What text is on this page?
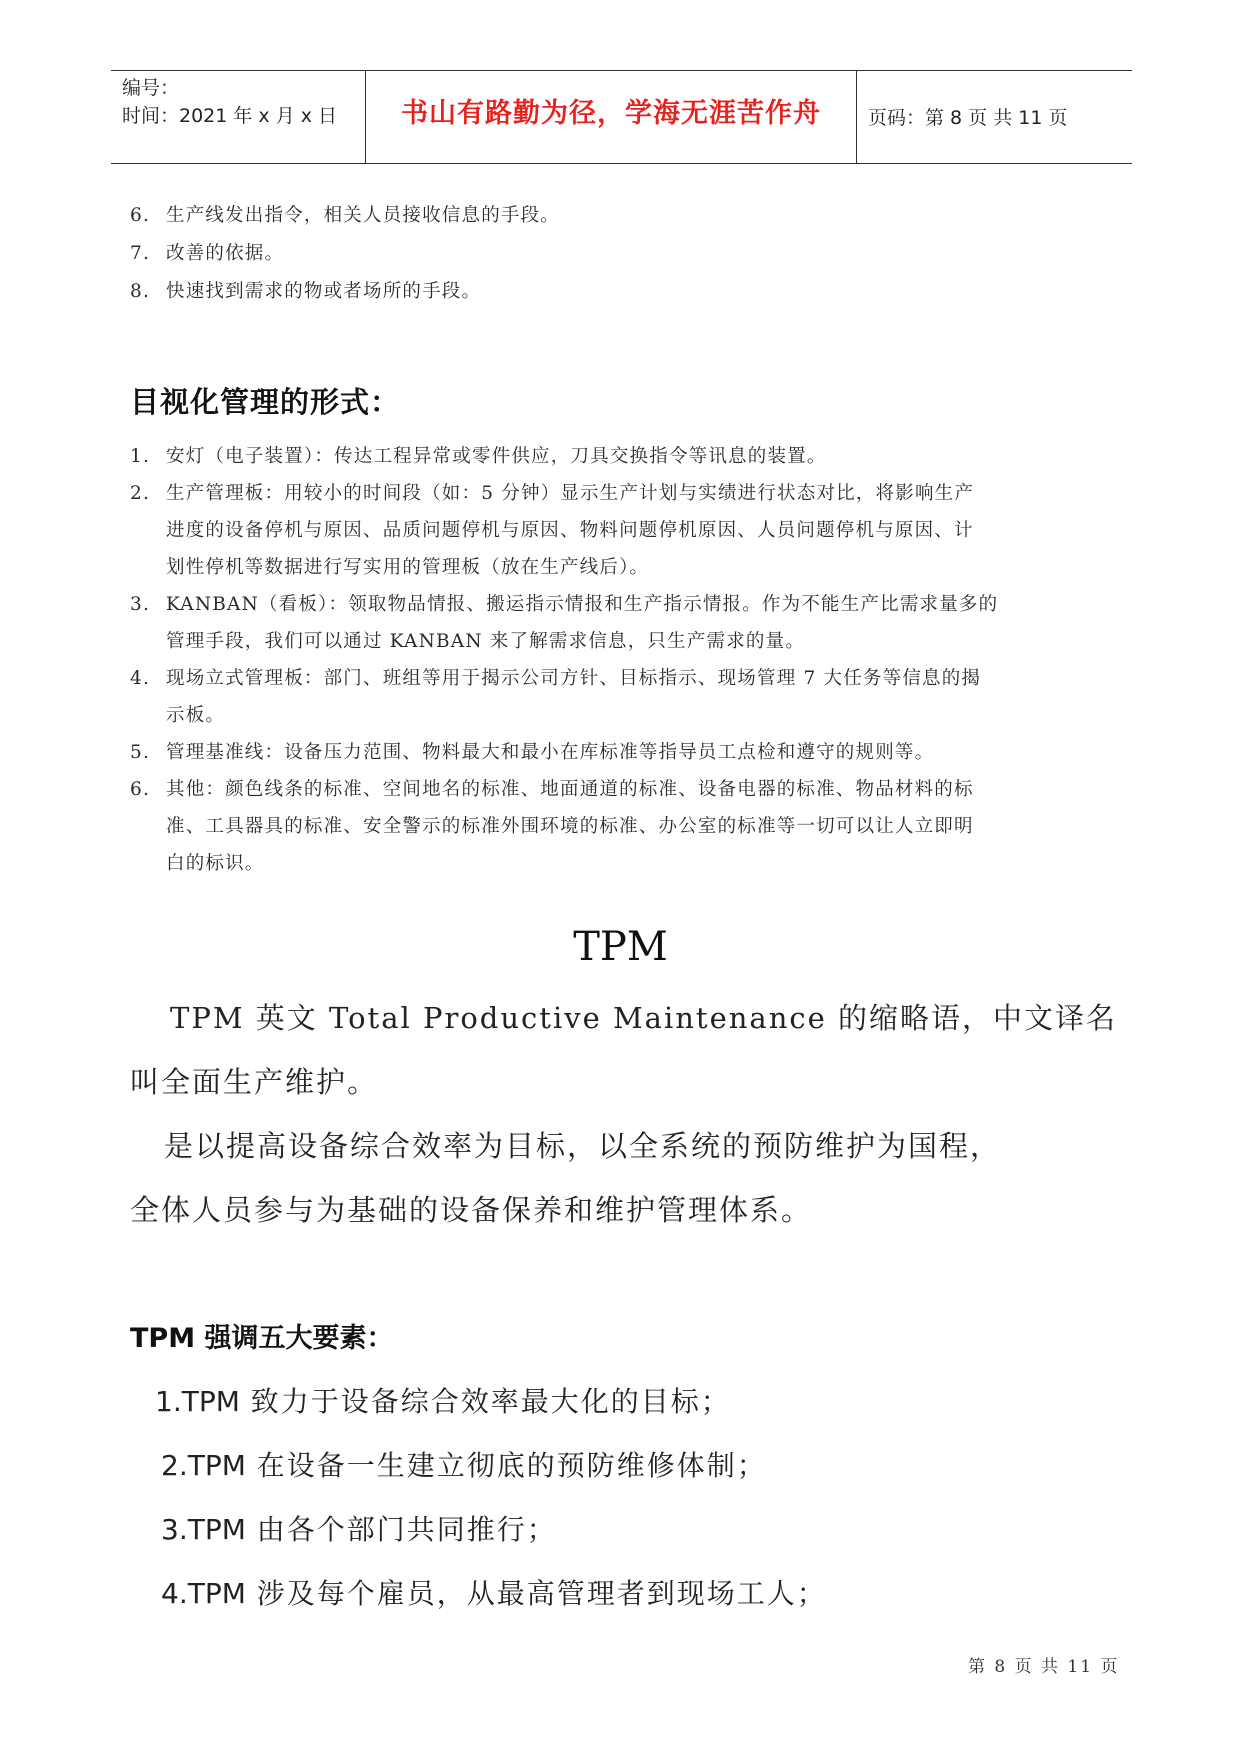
编号：
时间：2021 年 x 月 x 日	书山有路勤为径，学海无涯苦作舟	页码：第 8 页 共 11 页
6. 生产线发出指令，相关人员接收信息的手段。
7. 改善的依据。
8. 快速找到需求的物或者场所的手段。
目视化管理的形式：
1. 安灯（电子装置）：传达工程异常或零件供应，刀具交换指令等讯息的装置。
2. 生产管理板：用较小的时间段（如：5 分钟）显示生产计划与实绩进行状态对比，将影响生产
进度的设备停机与原因、品质问题停机与原因、物料问题停机原因、人员问题停机与原因、计
划性停机等数据进行写实用的管理板（放在生产线后）。
3. KANBAN（看板）：领取物品情报、搬运指示情报和生产指示情报。作为不能生产比需求量多的
管理手段，我们可以通过 KANBAN 来了解需求信息，只生产需求的量。
4. 现场立式管理板：部门、班组等用于揭示公司方针、目标指示、现场管理 7 大任务等信息的揭
示板。
5. 管理基准线：设备压力范围、物料最大和最小在库标准等指导员工点检和遵守的规则等。
6. 其他：颜色线条的标准、空间地名的标准、地面通道的标准、设备电器的标准、物品材料的标
准、工具器具的标准、安全警示的标准外围环境的标准、办公室的标准等一切可以让人立即明
白的标识。
TPM
TPM 英文 Total Productive Maintenance 的缩略语，中文译名
叫全面生产维护。
是以提高设备综合效率为目标，以全系统的预防维护为国程，
全体人员参与为基础的设备保养和维护管理体系。
TPM 强调五大要素：
1.TPM 致力于设备综合效率最大化的目标；
2.TPM 在设备一生建立彻底的预防维修体制；
3.TPM 由各个部门共同推行；
4.TPM 涉及每个雇员，从最高管理者到现场工人；
第 8 页 共 11 页
